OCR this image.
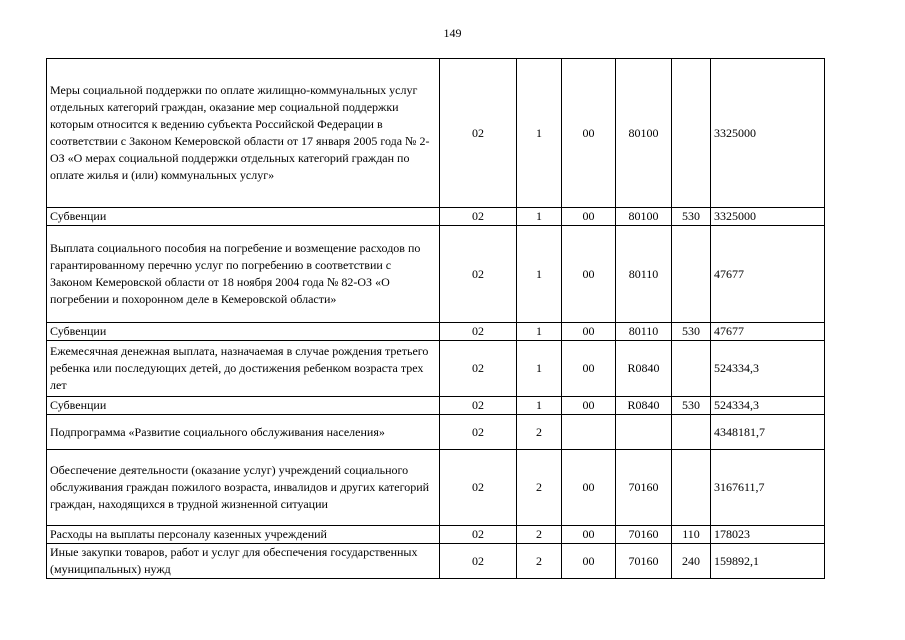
149
Меры социальной поддержки по оплате жилищно-коммунальных услуг отдельных категорий граждан, оказание мер социальной поддержки которым относится к ведению субъекта Российской Федерации в соответствии с Законом Кемеровской области от 17 января 2005 года № 2-ОЗ «О мерах социальной поддержки отдельных категорий граждан по оплате жилья и (или) коммунальных услуг»	02	1	00	80100		3325000
Субвенции	02	1	00	80100	530	3325000
Выплата социального пособия на погребение и возмещение расходов по гарантированному перечню услуг по погребению в соответствии с Законом Кемеровской области от 18 ноября 2004 года № 82-ОЗ «О погребении и похоронном деле в Кемеровской области»	02	1	00	80110		47677
Субвенции	02	1	00	80110	530	47677
Ежемесячная денежная выплата, назначаемая в случае рождения третьего ребенка или последующих детей, до достижения ребенком возраста трех лет	02	1	00	R0840		524334,3
Субвенции	02	1	00	R0840	530	524334,3
Подпрограмма «Развитие социального обслуживания населения»	02	2				4348181,7
Обеспечение деятельности (оказание услуг) учреждений социального обслуживания граждан пожилого возраста, инвалидов и других категорий граждан, находящихся в трудной жизненной ситуации	02	2	00	70160		3167611,7
Расходы на выплаты персоналу казенных учреждений	02	2	00	70160	110	178023
Иные закупки товаров, работ и услуг для обеспечения государственных (муниципальных) нужд	02	2	00	70160	240	159892,1
